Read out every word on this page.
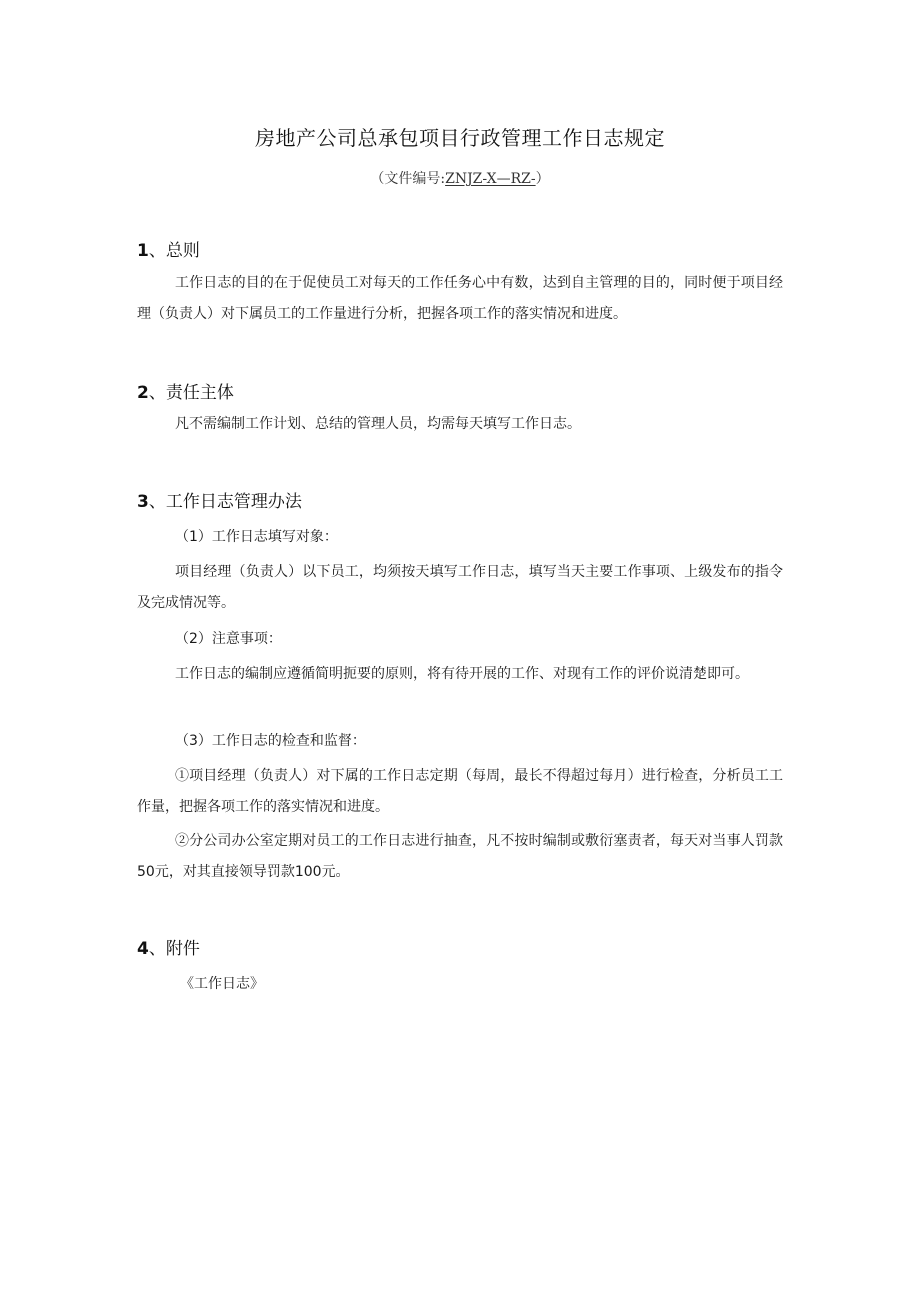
房地产公司总承包项目行政管理工作日志规定
（文件编号:ZNJZ-X—RZ-）
1、总则
工作日志的目的在于促使员工对每天的工作任务心中有数，达到自主管理的目的，同时便于项目经理（负责人）对下属员工的工作量进行分析，把握各项工作的落实情况和进度。
2、责任主体
凡不需编制工作计划、总结的管理人员，均需每天填写工作日志。
3、工作日志管理办法
（1）工作日志填写对象：
项目经理（负责人）以下员工，均须按天填写工作日志，填写当天主要工作事项、上级发布的指令及完成情况等。
（2）注意事项：
工作日志的编制应遵循简明扼要的原则，将有待开展的工作、对现有工作的评价说清楚即可。
（3）工作日志的检查和监督：
①项目经理（负责人）对下属的工作日志定期（每周，最长不得超过每月）进行检查，分析员工工作量，把握各项工作的落实情况和进度。
②分公司办公室定期对员工的工作日志进行抽查，凡不按时编制或敷衍塞责者，每天对当事人罚款50元，对其直接领导罚款100元。
4、附件
《工作日志》
